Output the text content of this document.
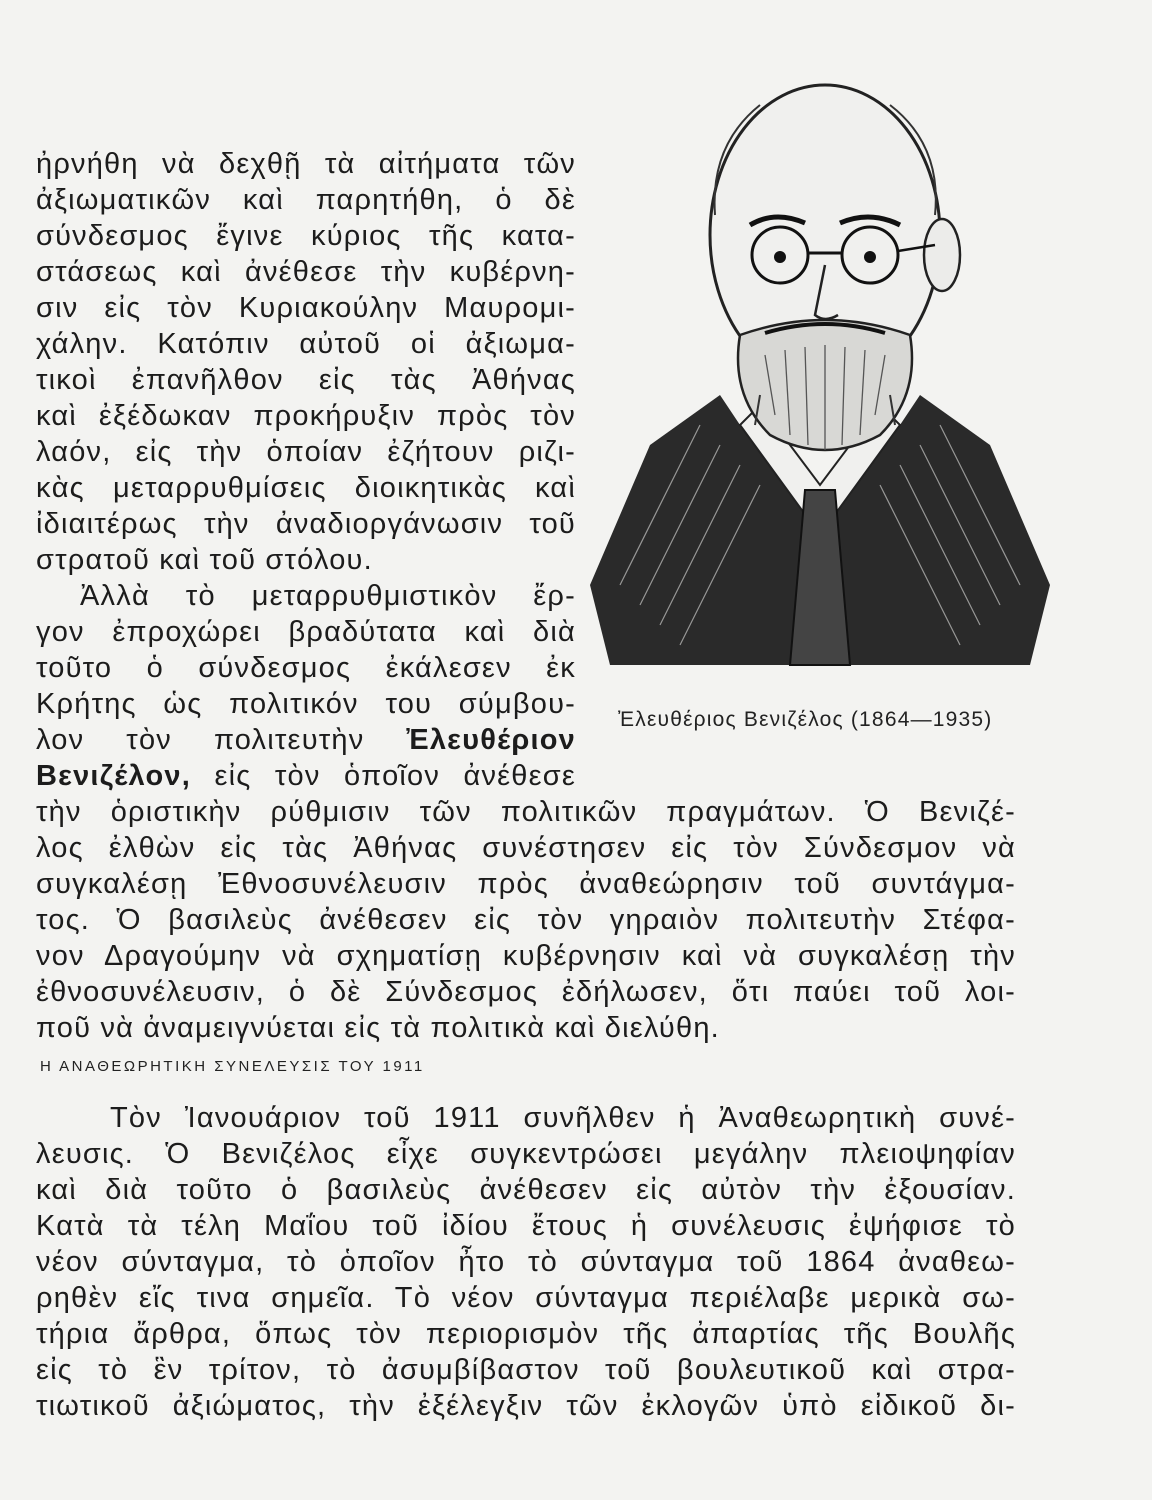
ἠρνήθη νὰ δεχθῇ τὰ αἰτήματα τῶν
ἀξιωματικῶν καὶ παρητήθη, ὁ δὲ
σύνδεσμος ἔγινε κύριος τῆς κατα-
στάσεως καὶ ἀνέθεσε τὴν κυβέρνη-
σιν εἰς τὸν Κυριακούλην Μαυρομι-
χάλην. Κατόπιν αὐτοῦ οἱ ἀξιωμα-
τικοὶ ἐπανῆλθον εἰς τὰς Ἀθήνας
καὶ ἐξέδωκαν προκήρυξιν πρὸς τὸν
λαόν, εἰς τὴν ὁποίαν ἐζήτουν ριζι-
κὰς μεταρρυθμίσεις διοικητικὰς καὶ
ἰδιαιτέρως τὴν ἀναδιοργάνωσιν τοῦ
στρατοῦ καὶ τοῦ στόλου.
Ἀλλὰ τὸ μεταρρυθμιστικὸν ἔρ-
γον ἐπροχώρει βραδύτατα καὶ διὰ
τοῦτο ὁ σύνδεσμος ἐκάλεσεν ἐκ
Κρήτης ὡς πολιτικόν του σύμβου-
λον τὸν πολιτευτὴν Ἐλευθέριον
Βενιζέλον, εἰς τὸν ὁποῖον ἀνέθεσε
Ἐλευθέριος Βενιζέλος (1864—1935)
τὴν ὁριστικὴν ρύθμισιν τῶν πολιτικῶν πραγμάτων. Ὁ Βενιζέ-
λος ἐλθὼν εἰς τὰς Ἀθήνας συνέστησεν εἰς τὸν Σύνδεσμον νὰ
συγκαλέσῃ Ἐθνοσυνέλευσιν πρὸς ἀναθεώρησιν τοῦ συντάγμα-
τος. Ὁ βασιλεὺς ἀνέθεσεν εἰς τὸν γηραιὸν πολιτευτὴν Στέφα-
νον Δραγούμην νὰ σχηματίσῃ κυβέρνησιν καὶ νὰ συγκαλέσῃ τὴν
ἐθνοσυνέλευσιν, ὁ δὲ Σύνδεσμος ἐδήλωσεν, ὅτι παύει τοῦ λοι-
ποῦ νὰ ἀναμειγνύεται εἰς τὰ πολιτικὰ καὶ διελύθη.
Η ΑΝΑΘΕΩΡΗΤΙΚΗ ΣΥΝΕΛΕΥΣΙΣ ΤΟΥ 1911
Τὸν Ἰανουάριον τοῦ 1911 συνῆλθεν ἡ Ἀναθεωρητικὴ συνέ-
λευσις. Ὁ Βενιζέλος εἶχε συγκεντρώσει μεγάλην πλειοψηφίαν
καὶ διὰ τοῦτο ὁ βασιλεὺς ἀνέθεσεν εἰς αὐτὸν τὴν ἐξουσίαν.
Κατὰ τὰ τέλη Μαΐου τοῦ ἰδίου ἔτους ἡ συνέλευσις ἐψήφισε τὸ
νέον σύνταγμα, τὸ ὁποῖον ἦτο τὸ σύνταγμα τοῦ 1864 ἀναθεω-
ρηθὲν εἴς τινα σημεῖα. Τὸ νέον σύνταγμα περιέλαβε μερικὰ σω-
τήρια ἄρθρα, ὅπως τὸν περιορισμὸν τῆς ἀπαρτίας τῆς Βουλῆς
εἰς τὸ ἓν τρίτον, τὸ ἀσυμβίβαστον τοῦ βουλευτικοῦ καὶ στρα-
τιωτικοῦ ἀξιώματος, τὴν ἐξέλεγξιν τῶν ἐκλογῶν ὑπὸ εἰδικοῦ δι-
